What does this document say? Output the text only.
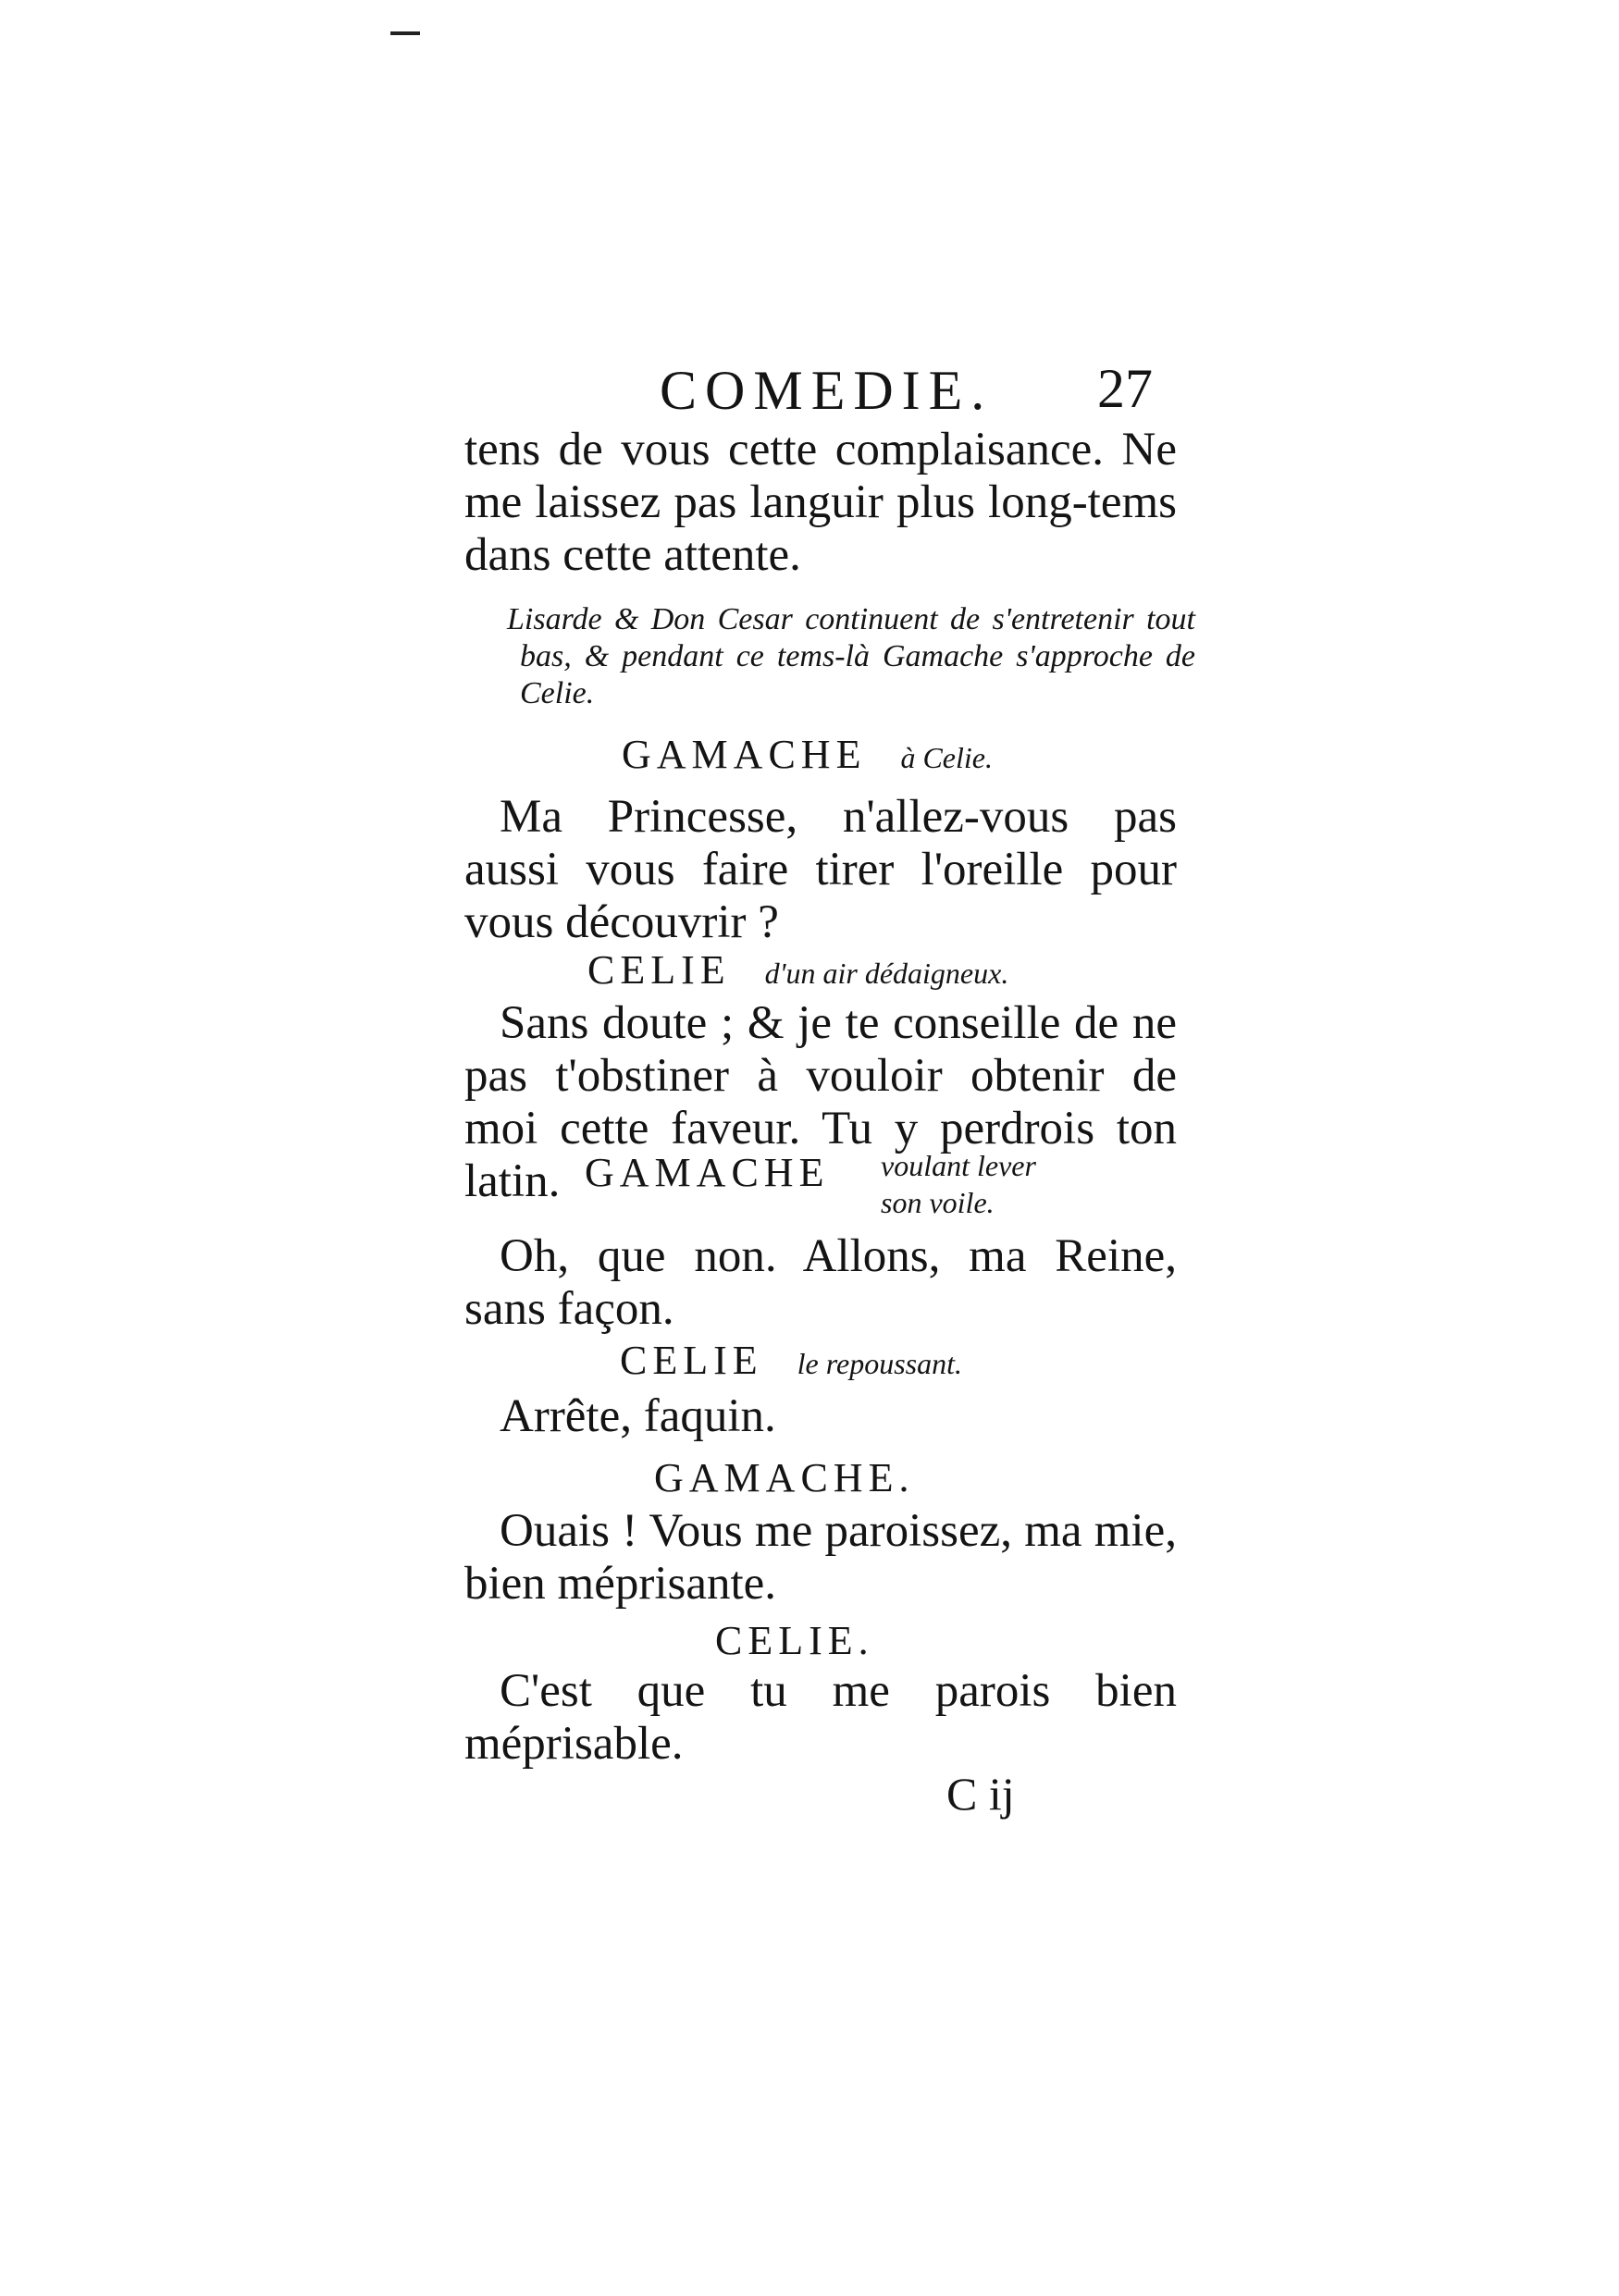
COMEDIE. 27

tens de vous cette complaisance. Ne me laissez pas languir plus long-tems dans cette attente.

Lisarde & Don Cesar continuent de s'entretenir tout bas, & pendant ce tems-là Gamache s'approche de Celie.
GAMACHE à Celie.

Ma Princesse, n'allez-vous pas aussi vous faire tirer l'oreille pour vous découvrir ?

CELIE d'un air dédaigneux.

Sans doute ; & je te conseille de ne pas t'obstiner à vouloir obtenir de moi cette faveur. Tu y perdrois ton latin. GAMACHE voulant lever
son voile.

Oh, que non. Allons, ma Reine, sans façon.

CELIE le repoussant.

Arrête, faquin.

GAMACHE.

Ouais ! Vous me paroissez, ma mie, bien méprisante.

CELIE.

C'est que tu me parois bien méprisable.

C ij
